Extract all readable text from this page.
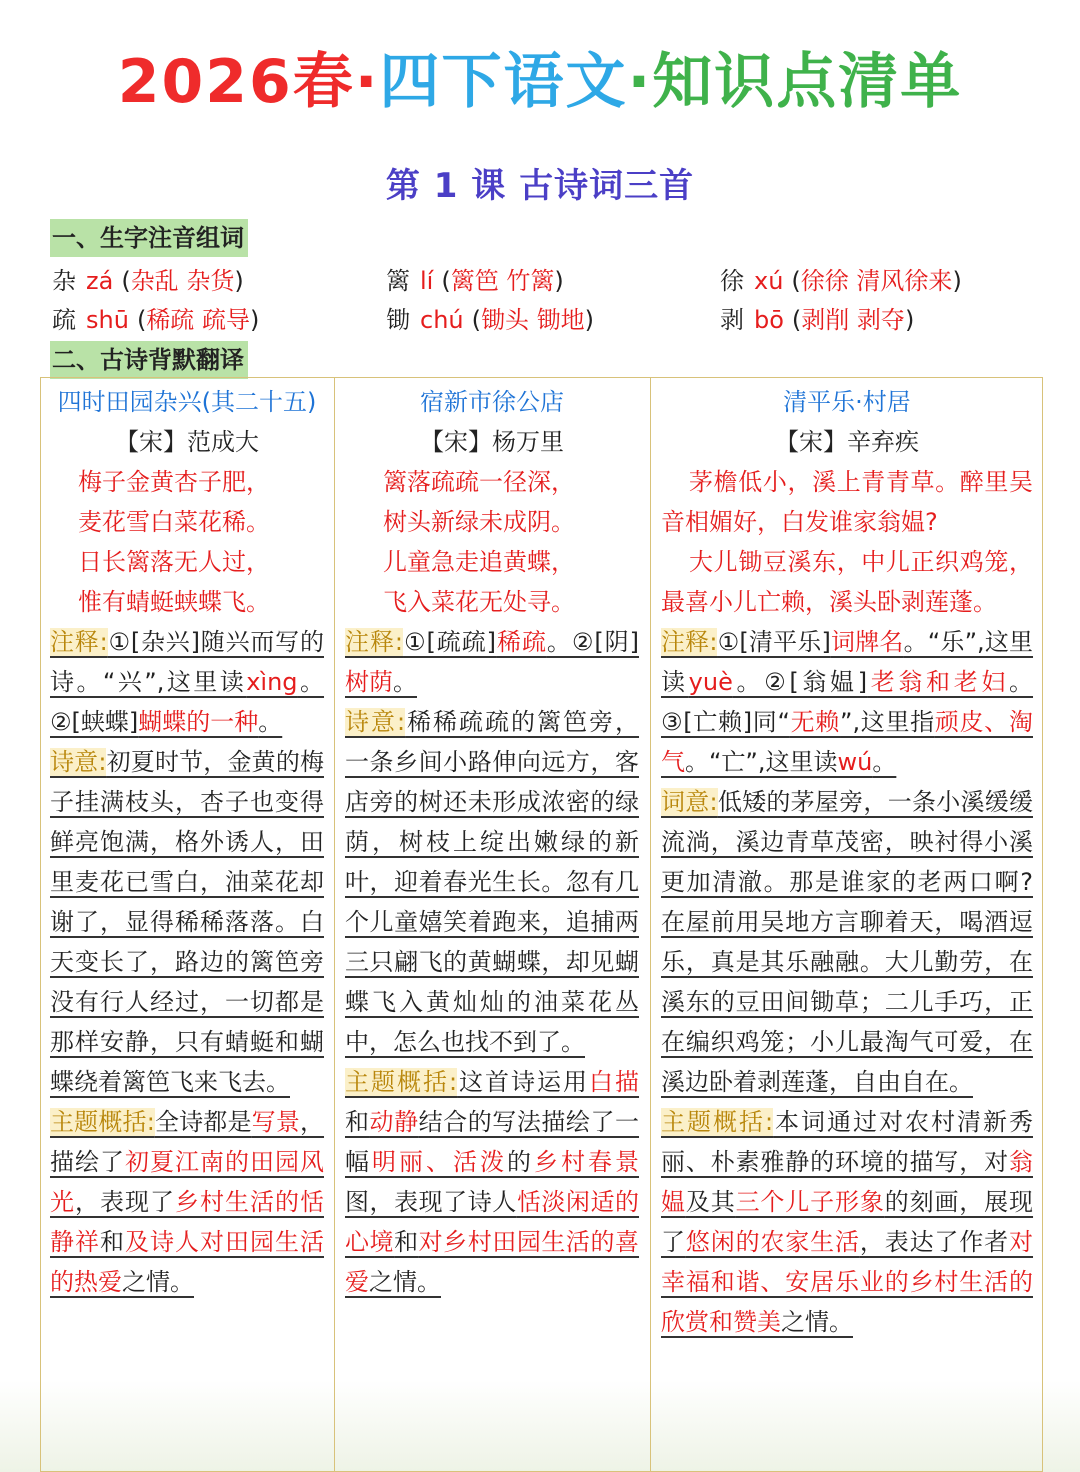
2026春·四下语文·知识点清单
第 1 课 古诗词三首
一、生字注音组词
杂 zá (杂乱 杂货)	篱 lí (篱笆 竹篱)	徐 xú (徐徐 清风徐来)
疏 shū (稀疏 疏导)	锄 chú (锄头 锄地)	剥 bō (剥削 剥夺)
二、古诗背默翻译
四时田园杂兴(其二十五)
【宋】范成大
梅子金黄杏子肥，
麦花雪白菜花稀。
日长篱落无人过，
惟有蜻蜓蛱蝶飞。
注释:①[杂兴]随兴而写的诗。“兴”,这里读xìng。②[蛱蝶]蝴蝶的一种。
诗意:初夏时节，金黄的梅子挂满枝头，杏子也变得鲜亮饱满，格外诱人，田里麦花已雪白，油菜花却谢了，显得稀稀落落。白天变长了，路边的篱笆旁没有行人经过，一切都是那样安静，只有蜻蜓和蝴蝶绕着篱笆飞来飞去。
主题概括:全诗都是写景，描绘了初夏江南的田园风光，表现了乡村生活的恬静祥和及诗人对田园生活的热爱之情。
宿新市徐公店
【宋】杨万里
篱落疏疏一径深，
树头新绿未成阴。
儿童急走追黄蝶，
飞入菜花无处寻。
注释:①[疏疏]稀疏。②[阴]树荫。
诗意:稀稀疏疏的篱笆旁，一条乡间小路伸向远方，客店旁的树还未形成浓密的绿荫，树枝上绽出嫩绿的新叶，迎着春光生长。忽有几个儿童嬉笑着跑来，追捕两三只翩飞的黄蝴蝶，却见蝴蝶飞入黄灿灿的油菜花丛中，怎么也找不到了。
主题概括:这首诗运用白描和动静结合的写法描绘了一幅明丽、活泼的乡村春景图，表现了诗人恬淡闲适的心境和对乡村田园生活的喜爱之情。
清平乐·村居
【宋】辛弃疾
茅檐低小，溪上青青草。醉里吴音相媚好，白发谁家翁媪?
大儿锄豆溪东，中儿正织鸡笼，最喜小儿亡赖，溪头卧剥莲蓬。
注释:①[清平乐]词牌名。“乐”,这里读yuè。②[翁媪]老翁和老妇。③[亡赖]同“无赖”,这里指顽皮、淘气。“亡”,这里读wú。
词意:低矮的茅屋旁，一条小溪缓缓流淌，溪边青草茂密，映衬得小溪更加清澈。那是谁家的老两口啊?在屋前用吴地方言聊着天，喝酒逗乐，真是其乐融融。大儿勤劳，在溪东的豆田间锄草；二儿手巧，正在编织鸡笼；小儿最淘气可爱，在溪边卧着剥莲蓬，自由自在。
主题概括:本词通过对农村清新秀丽、朴素雅静的环境的描写，对翁媪及其三个儿子形象的刻画，展现了悠闲的农家生活，表达了作者对幸福和谐、安居乐业的乡村生活的欣赏和赞美之情。
